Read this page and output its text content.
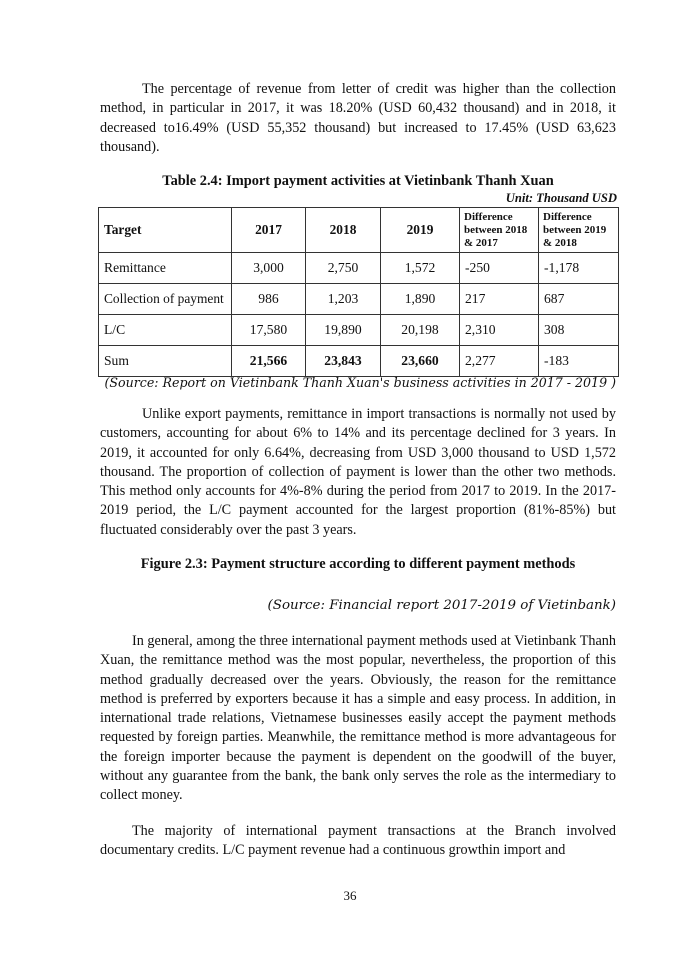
The percentage of revenue from letter of credit was higher than the collection method, in particular in 2017, it was 18.20% (USD 60,432 thousand) and in 2018, it decreased to16.49% (USD 55,352 thousand) but increased to 17.45% (USD 63,623 thousand).

Table 2.4: Import payment activities at Vietinbank Thanh Xuan

Unit: Thousand USD
Target	2017	2018	2019	Difference between 2018 & 2017	Difference between 2019 & 2018
Remittance	3,000	2,750	1,572	-250	-1,178
Collection of payment	986	1,203	1,890	217	687
L/C	17,580	19,890	20,198	2,310	308
Sum	21,566	23,843	23,660	2,277	-183
(Source: Report on Vietinbank Thanh Xuan's business activities in 2017 - 2019 )

Unlike export payments, remittance in import transactions is normally not used by customers, accounting for about 6% to 14% and its percentage declined for 3 years. In 2019, it accounted for only 6.64%, decreasing from USD 3,000 thousand to USD 1,572 thousand. The proportion of collection of payment is lower than the other two methods. This method only accounts for 4%-8% during the period from 2017 to 2019. In the 2017-2019 period, the L/C payment accounted for the largest proportion (81%-85%) but fluctuated considerably over the past 3 years.

Figure 2.3: Payment structure according to different payment methods

(Source: Financial report 2017-2019 of Vietinbank)

In general, among the three international payment methods used at Vietinbank Thanh Xuan, the remittance method was the most popular, nevertheless, the proportion of this method gradually decreased over the years. Obviously, the reason for the remittance method is preferred by exporters because it has a simple and easy process. In addition, in international trade relations, Vietnamese businesses easily accept the payment methods requested by foreign parties. Meanwhile, the remittance method is more advantageous for the foreign importer because the payment is dependent on the goodwill of the buyer, without any guarantee from the bank, the bank only serves the role as the intermediary to collect money.

The majority of international payment transactions at the Branch involved documentary credits. L/C payment revenue had a continuous growthin import and

36
